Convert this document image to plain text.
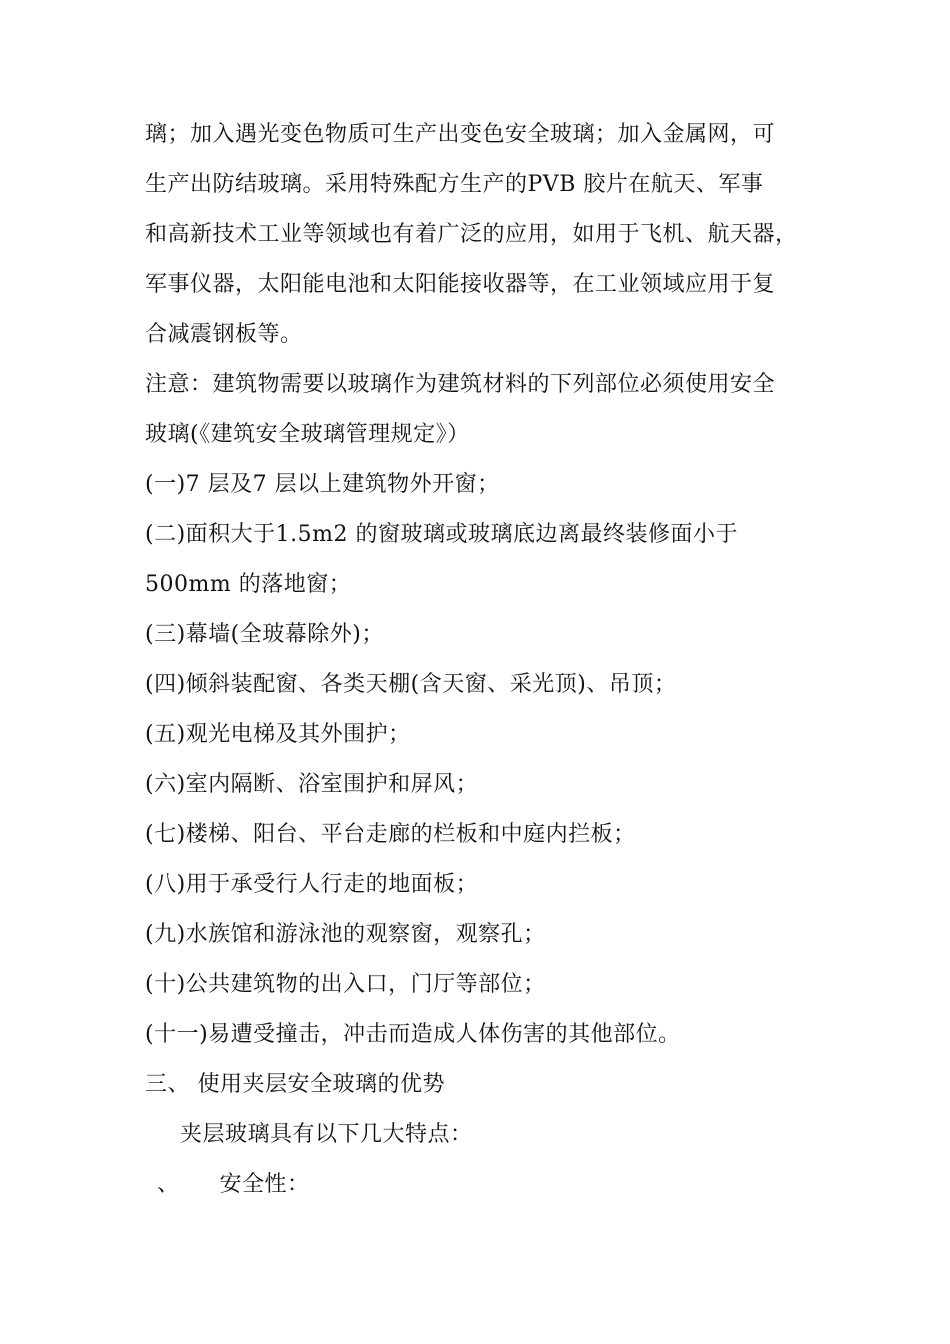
璃；加入遇光变色物质可生产出变色安全玻璃；加入金属网，可
生产出防结玻璃。采用特殊配方生产的PVB 胶片在航天、军事
和高新技术工业等领域也有着广泛的应用，如用于飞机、航天器，
军事仪器，太阳能电池和太阳能接收器等，在工业领域应用于复
合减震钢板等。
注意：建筑物需要以玻璃作为建筑材料的下列部位必须使用安全
玻璃(《建筑安全玻璃管理规定》）
(一)7 层及7 层以上建筑物外开窗；
(二)面积大于1.5m2 的窗玻璃或玻璃底边离最终装修面小于
500mm 的落地窗；
(三)幕墙(全玻幕除外)；
(四)倾斜装配窗、各类天棚(含天窗、采光顶)、吊顶；
(五)观光电梯及其外围护；
(六)室内隔断、浴室围护和屏风；
(七)楼梯、阳台、平台走廊的栏板和中庭内拦板；
(八)用于承受行人行走的地面板；
(九)水族馆和游泳池的观察窗，观察孔；
(十)公共建筑物的出入口，门厅等部位；
(十一)易遭受撞击，冲击而造成人体伤害的其他部位。
三、 使用夹层安全玻璃的优势
夹层玻璃具有以下几大特点：
、 安全性：
